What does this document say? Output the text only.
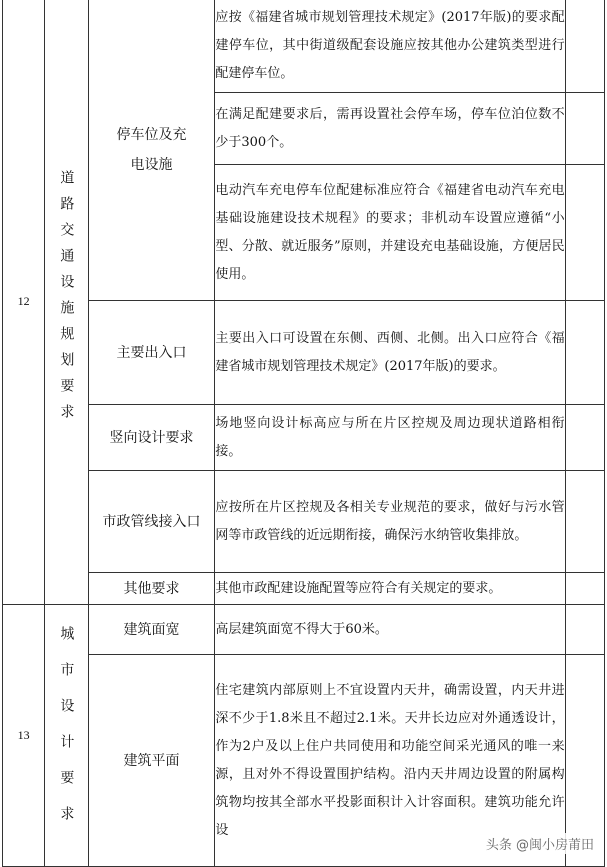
12	道路交通设施规划要求	停车位及充电设施	应按《福建省城市规划管理技术规定》(2017年版)的要求配建停车位，其中街道级配套设施应按其他办公建筑类型进行配建停车位。	
			在满足配建要求后，需再设置社会停车场，停车位泊位数不少于300个。	
			电动汽车充电停车位配建标准应符合《福建省电动汽车充电基础设施建设技术规程》的要求；非机动车设置应遵循“小型、分散、就近服务”原则，并建设充电基础设施，方便居民使用。	
		主要出入口	主要出入口可设置在东侧、西侧、北侧。出入口应符合《福建省城市规划管理技术规定》(2017年版)的要求。	
		竖向设计要求	场地竖向设计标高应与所在片区控规及周边现状道路相衔接。	
		市政管线接入口	应按所在片区控规及各相关专业规范的要求，做好与污水管网等市政管线的近远期衔接，确保污水纳管收集排放。	
		其他要求	其他市政配建设施配置等应符合有关规定的要求。	
13	城市设计要求	建筑面宽	高层建筑面宽不得大于60米。	
		建筑平面	住宅建筑内部原则上不宜设置内天井，确需设置，内天井进深不少于1.8米且不超过2.1米。天井长边应对外通透设计，作为2户及以上住户共同使用和功能空间采光通风的唯一来源，且对外不得设置围护结构。沿内天井周边设置的附属构筑物均按其全部水平投影面积计入计容面积。建筑功能允许设	
头条 @闽小房莆田
